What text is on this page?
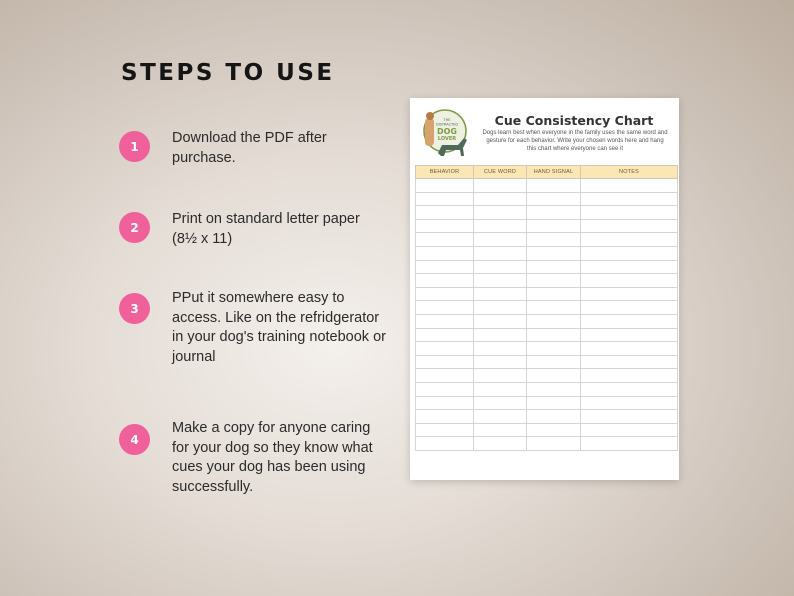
STEPS TO USE
1
Download the PDF after purchase.
2
Print on standard letter paper (8½ x 11)
3
PPut it somewhere easy to access. Like on the refridgerator in your dog's training notebook or journal
4
Make a copy for anyone caring for your dog so they know what cues your dog has been using successfully.
THE
DISTRACTED
DOG
LOVER
Cue Consistency Chart
Dogs learn best when everyone in the family uses the same word and gesture for each behavior. Write your chosen words here and hang this chart where everyone can see it
BEHAVIOR	CUE WORD	HAND SIGNAL	NOTES
